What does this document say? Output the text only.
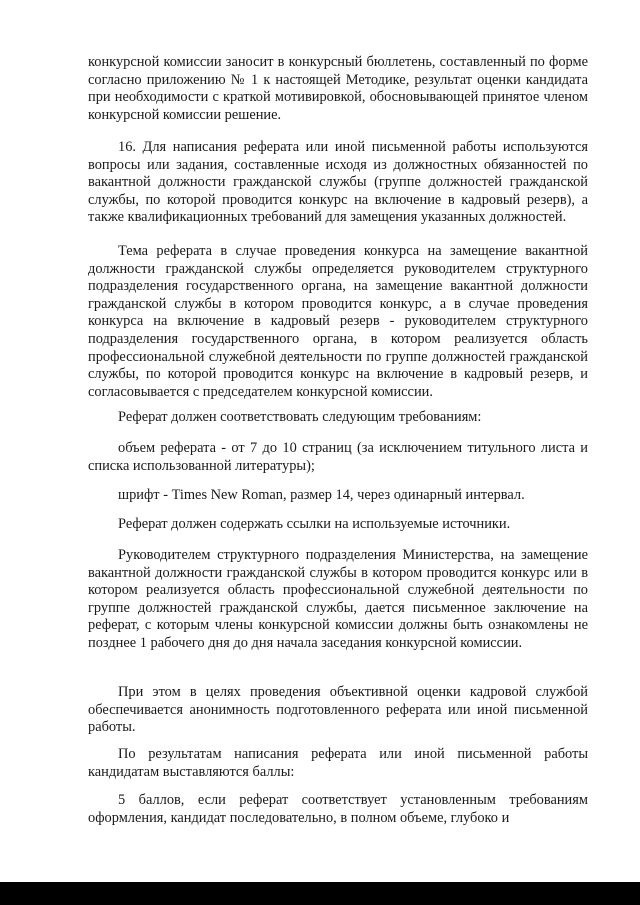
конкурсной комиссии заносит в конкурсный бюллетень, составленный по форме согласно приложению № 1 к настоящей Методике, результат оценки кандидата при необходимости с краткой мотивировкой, обосновывающей принятое членом конкурсной комиссии решение.

16. Для написания реферата или иной письменной работы используются вопросы или задания, составленные исходя из должностных обязанностей по вакантной должности гражданской службы (группе должностей гражданской службы, по которой проводится конкурс на включение в кадровый резерв), а также квалификационных требований для замещения указанных должностей.

Тема реферата в случае проведения конкурса на замещение вакантной должности гражданской службы определяется руководителем структурного подразделения государственного органа, на замещение вакантной должности гражданской службы в котором проводится конкурс, а в случае проведения конкурса на включение в кадровый резерв - руководителем структурного подразделения государственного органа, в котором реализуется область профессиональной служебной деятельности по группе должностей гражданской службы, по которой проводится конкурс на включение в кадровый резерв, и согласовывается с председателем конкурсной комиссии.

Реферат должен соответствовать следующим требованиям:

объем реферата - от 7 до 10 страниц (за исключением титульного листа и списка использованной литературы);

шрифт - Times New Roman, размер 14, через одинарный интервал.

Реферат должен содержать ссылки на используемые источники.

Руководителем структурного подразделения Министерства, на замещение вакантной должности гражданской службы в котором проводится конкурс или в котором реализуется область профессиональной служебной деятельности по группе должностей гражданской службы, дается письменное заключение на реферат, с которым члены конкурсной комиссии должны быть ознакомлены не позднее 1 рабочего дня до дня начала заседания конкурсной комиссии.

При этом в целях проведения объективной оценки кадровой службой обеспечивается анонимность подготовленного реферата или иной письменной работы.

По результатам написания реферата или иной письменной работы кандидатам выставляются баллы:

5 баллов, если реферат соответствует установленным требованиям оформления, кандидат последовательно, в полном объеме, глубоко и
